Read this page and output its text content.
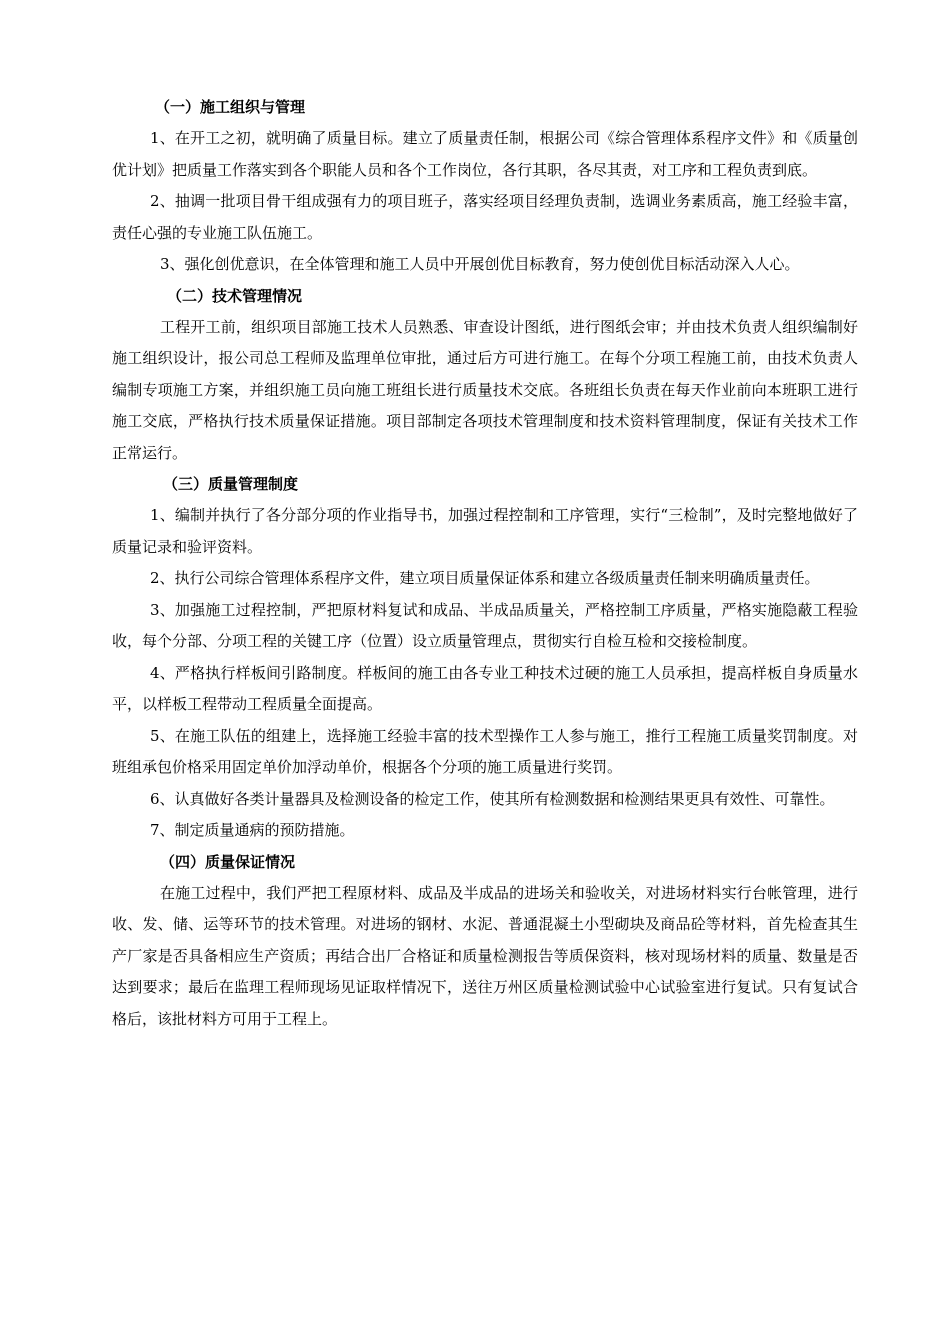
（一）施工组织与管理

1、在开工之初，就明确了质量目标。建立了质量责任制，根据公司《综合管理体系程序文件》和《质量创优计划》把质量工作落实到各个职能人员和各个工作岗位，各行其职，各尽其责，对工序和工程负责到底。

2、抽调一批项目骨干组成强有力的项目班子，落实经项目经理负责制，选调业务素质高，施工经验丰富，责任心强的专业施工队伍施工。

3、强化创优意识，在全体管理和施工人员中开展创优目标教育，努力使创优目标活动深入人心。

（二）技术管理情况

工程开工前，组织项目部施工技术人员熟悉、审查设计图纸，进行图纸会审；并由技术负责人组织编制好施工组织设计，报公司总工程师及监理单位审批，通过后方可进行施工。在每个分项工程施工前，由技术负责人编制专项施工方案，并组织施工员向施工班组长进行质量技术交底。各班组长负责在每天作业前向本班职工进行施工交底，严格执行技术质量保证措施。项目部制定各项技术管理制度和技术资料管理制度，保证有关技术工作正常运行。

（三）质量管理制度

1、编制并执行了各分部分项的作业指导书，加强过程控制和工序管理，实行“三检制”，及时完整地做好了质量记录和验评资料。

2、执行公司综合管理体系程序文件，建立项目质量保证体系和建立各级质量责任制来明确质量责任。

3、加强施工过程控制，严把原材料复试和成品、半成品质量关，严格控制工序质量，严格实施隐蔽工程验收，每个分部、分项工程的关键工序（位置）设立质量管理点，贯彻实行自检互检和交接检制度。

4、严格执行样板间引路制度。样板间的施工由各专业工种技术过硬的施工人员承担，提高样板自身质量水平，以样板工程带动工程质量全面提高。

5、在施工队伍的组建上，选择施工经验丰富的技术型操作工人参与施工，推行工程施工质量奖罚制度。对班组承包价格采用固定单价加浮动单价，根据各个分项的施工质量进行奖罚。

6、认真做好各类计量器具及检测设备的检定工作，使其所有检测数据和检测结果更具有效性、可靠性。

7、制定质量通病的预防措施。

（四）质量保证情况

在施工过程中，我们严把工程原材料、成品及半成品的进场关和验收关，对进场材料实行台帐管理，进行收、发、储、运等环节的技术管理。对进场的钢材、水泥、普通混凝土小型砌块及商品砼等材料，首先检查其生产厂家是否具备相应生产资质；再结合出厂合格证和质量检测报告等质保资料，核对现场材料的质量、数量是否达到要求；最后在监理工程师现场见证取样情况下，送往万州区质量检测试验中心试验室进行复试。只有复试合格后，该批材料方可用于工程上。
